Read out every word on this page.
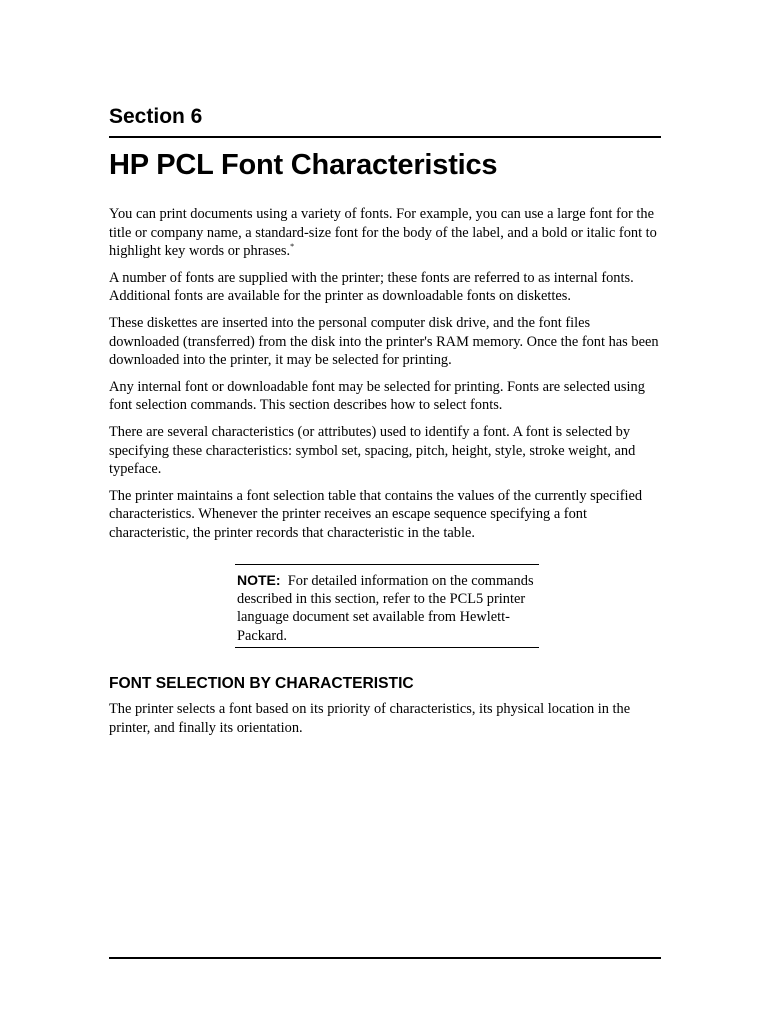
Section 6
HP PCL Font Characteristics

You can print documents using a variety of fonts. For example, you can use a large font for the title or company name, a standard-size font for the body of the label, and a bold or italic font to highlight key words or phrases.*

A number of fonts are supplied with the printer; these fonts are referred to as internal fonts. Additional fonts are available for the printer as downloadable fonts on diskettes.

These diskettes are inserted into the personal computer disk drive, and the font files downloaded (transferred) from the disk into the printer's RAM memory. Once the font has been downloaded into the printer, it may be selected for printing.

Any internal font or downloadable font may be selected for printing. Fonts are selected using font selection commands. This section describes how to select fonts.

There are several characteristics (or attributes) used to identify a font. A font is selected by specifying these characteristics: symbol set, spacing, pitch, height, style, stroke weight, and typeface.

The printer maintains a font selection table that contains the values of the currently specified characteristics. Whenever the printer receives an escape sequence specifying a font characteristic, the printer records that characteristic in the table.

NOTE: For detailed information on the commands described in this section, refer to the PCL5 printer language document set available from Hewlett-Packard.

FONT SELECTION BY CHARACTERISTIC

The printer selects a font based on its priority of characteristics, its physical location in the printer, and finally its orientation.
